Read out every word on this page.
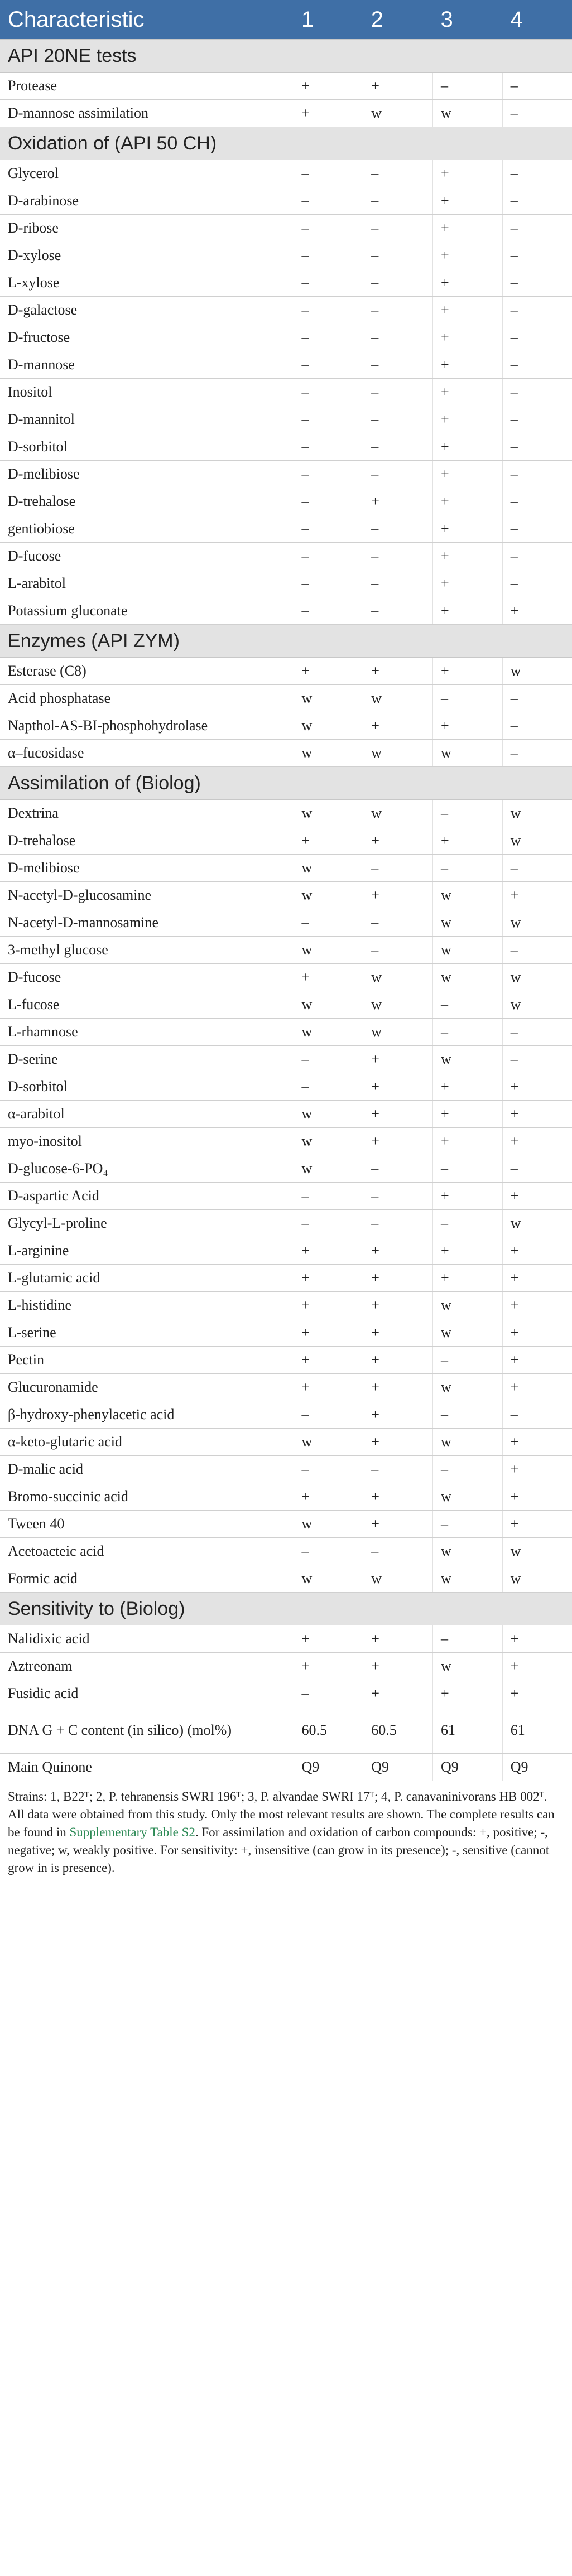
Characteristic	1	2	3	4
API 20NE tests				
Protease	+	+	–	–
D-mannose assimilation	+	w	w	–
Oxidation of (API 50 CH)				
Glycerol	–	–	+	–
D-arabinose	–	–	+	–
D-ribose	–	–	+	–
D-xylose	–	–	+	–
L-xylose	–	–	+	–
D-galactose	–	–	+	–
D-fructose	–	–	+	–
D-mannose	–	–	+	–
Inositol	–	–	+	–
D-mannitol	–	–	+	–
D-sorbitol	–	–	+	–
D-melibiose	–	–	+	–
D-trehalose	–	+	+	–
gentiobiose	–	–	+	–
D-fucose	–	–	+	–
L-arabitol	–	–	+	–
Potassium gluconate	–	–	+	+
Enzymes (API ZYM)				
Esterase (C8)	+	+	+	w
Acid phosphatase	w	w	–	–
Napthol-AS-BI-phosphohydrolase	w	+	+	–
α–fucosidase	w	w	w	–
Assimilation of (Biolog)				
Dextrina	w	w	–	w
D-trehalose	+	+	+	w
D-melibiose	w	–	–	–
N-acetyl-D-glucosamine	w	+	w	+
N-acetyl-D-mannosamine	–	–	w	w
3-methyl glucose	w	–	w	–
D-fucose	+	w	w	w
L-fucose	w	w	–	w
L-rhamnose	w	w	–	–
D-serine	–	+	w	–
D-sorbitol	–	+	+	+
α-arabitol	w	+	+	+
myo-inositol	w	+	+	+
D-glucose-6-PO₄	w	–	–	–
D-aspartic Acid	–	–	+	+
Glycyl-L-proline	–	–	–	w
L-arginine	+	+	+	+
L-glutamic acid	+	+	+	+
L-histidine	+	+	w	+
L-serine	+	+	w	+
Pectin	+	+	–	+
Glucuronamide	+	+	w	+
β-hydroxy-phenylacetic acid	–	+	–	–
α-keto-glutaric acid	w	+	w	+
D-malic acid	–	–	–	+
Bromo-succinic acid	+	+	w	+
Tween 40	w	+	–	+
Acetoacteic acid	–	–	w	w
Formic acid	w	w	w	w
Sensitivity to (Biolog)				
Nalidixic acid	+	+	–	+
Aztreonam	+	+	w	+
Fusidic acid	–	+	+	+
DNA G + C content (in silico) (mol%)	60.5	60.5	61	61
Main Quinone	Q9	Q9	Q9	Q9
Strains: 1, B22ᵀ; 2, P. tehranensis SWRI 196ᵀ; 3, P. alvandae SWRI 17ᵀ; 4, P. canavaninivorans HB 002ᵀ. All data were obtained from this study. Only the most relevant results are shown. The complete results can be found in Supplementary Table S2. For assimilation and oxidation of carbon compounds: +, positive; -, negative; w, weakly positive. For sensitivity: +, insensitive (can grow in its presence); -, sensitive (cannot grow in is presence).
